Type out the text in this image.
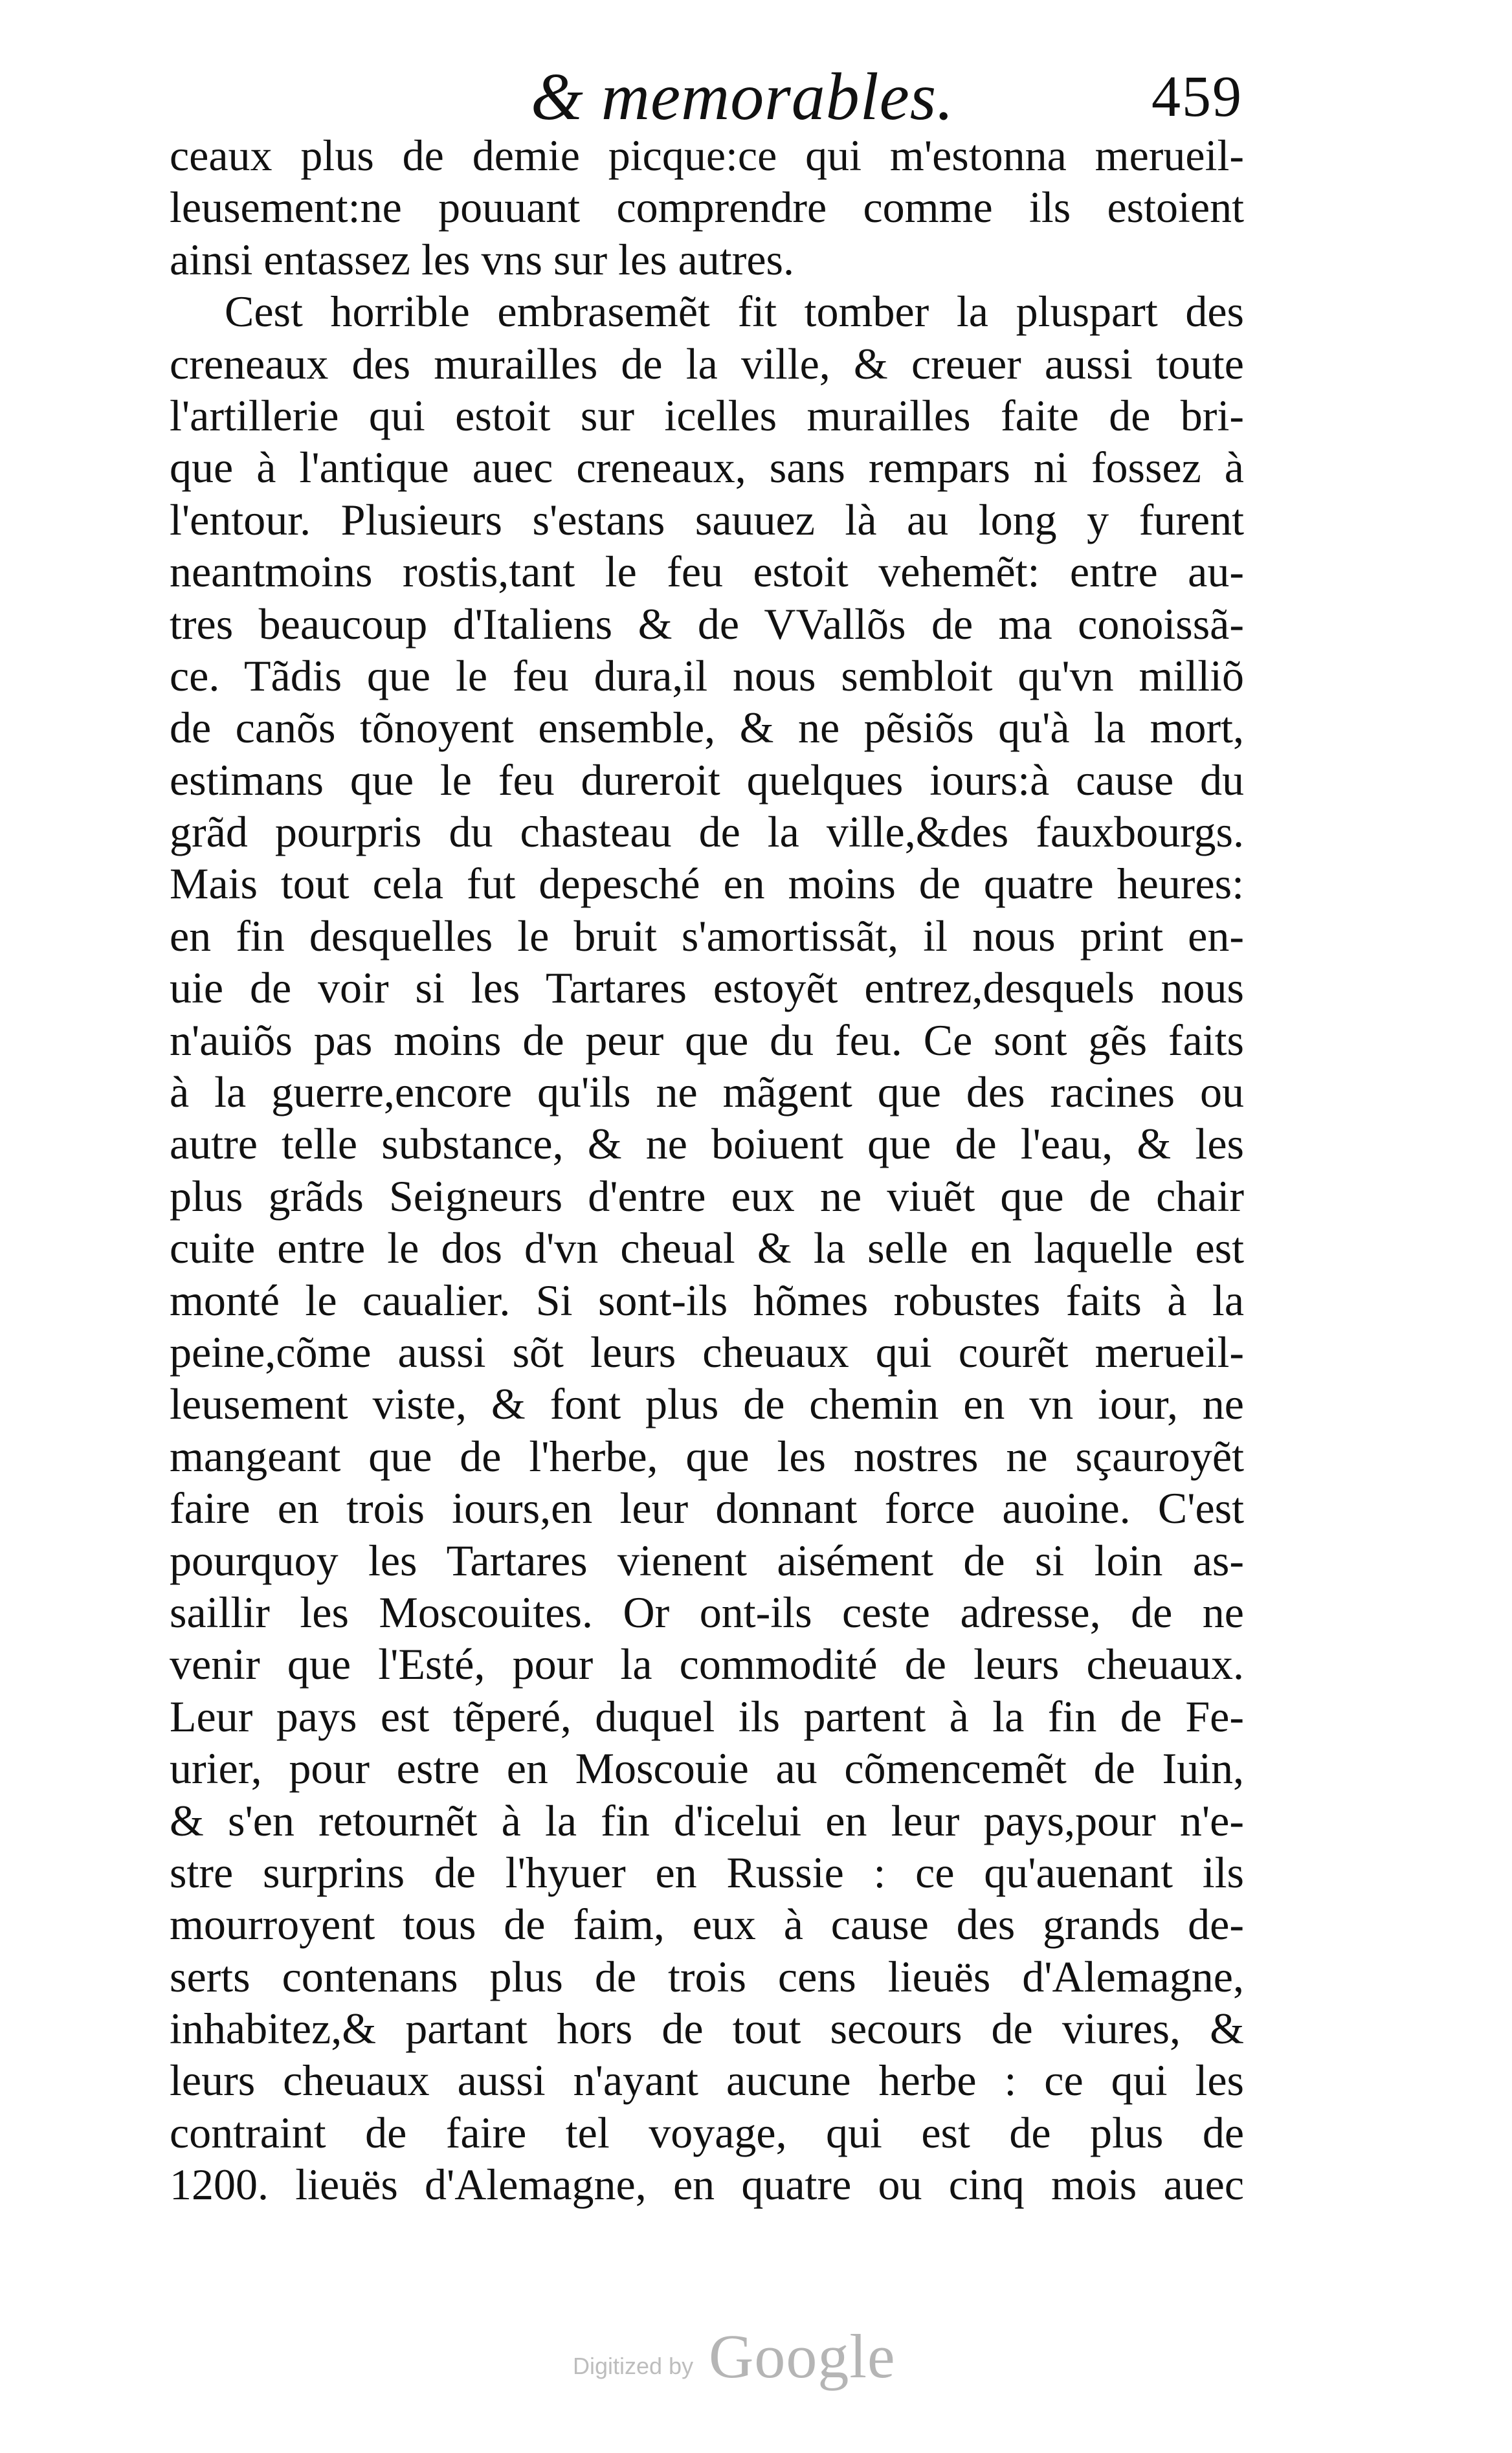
& memorables.	459
ceaux plus de demie picque:ce qui m'estonna merueil-
leusement:ne pouuant comprendre comme ils estoient
ainsi entassez les vns sur les autres.
Cest horrible embrasemẽt fit tomber la pluspart des
creneaux des murailles de la ville, & creuer aussi toute
l'artillerie qui estoit sur icelles murailles faite de bri-
que à l'antique auec creneaux, sans rempars ni fossez à
l'entour. Plusieurs s'estans sauuez là au long y furent
neantmoins rostis,tant le feu estoit vehemẽt: entre au-
tres beaucoup d'Italiens & de VVallõs de ma conoissã-
ce. Tãdis que le feu dura,il nous sembloit qu'vn milliõ
de canõs tõnoyent ensemble, & ne pẽsiõs qu'à la mort,
estimans que le feu dureroit quelques iours:à cause du
grãd pourpris du chasteau de la ville,&des fauxbourgs.
Mais tout cela fut depesché en moins de quatre heures:
en fin desquelles le bruit s'amortissãt, il nous print en-
uie de voir si les Tartares estoyẽt entrez,desquels nous
n'auiõs pas moins de peur que du feu. Ce sont gẽs faits
à la guerre,encore qu'ils ne mãgent que des racines ou
autre telle substance, & ne boiuent que de l'eau, & les
plus grãds Seigneurs d'entre eux ne viuẽt que de chair
cuite entre le dos d'vn cheual & la selle en laquelle est
monté le caualier. Si sont-ils hõmes robustes faits à la
peine,cõme aussi sõt leurs cheuaux qui courẽt merueil-
leusement viste, & font plus de chemin en vn iour, ne
mangeant que de l'herbe, que les nostres ne sçauroyẽt
faire en trois iours,en leur donnant force auoine. C'est
pourquoy les Tartares vienent aisément de si loin as-
saillir les Moscouites. Or ont-ils ceste adresse, de ne
venir que l'Esté, pour la commodité de leurs cheuaux.
Leur pays est tẽperé, duquel ils partent à la fin de Fe-
urier, pour estre en Moscouie au cõmencemẽt de Iuin,
& s'en retournẽt à la fin d'icelui en leur pays,pour n'e-
stre surprins de l'hyuer en Russie : ce qu'auenant ils
mourroyent tous de faim, eux à cause des grands de-
serts contenans plus de trois cens lieuës d'Alemagne,
inhabitez,& partant hors de tout secours de viures, &
leurs cheuaux aussi n'ayant aucune herbe : ce qui les
contraint de faire tel voyage, qui est de plus de
1200. lieuës d'Alemagne, en quatre ou cinq mois auec
Digitized by Google
